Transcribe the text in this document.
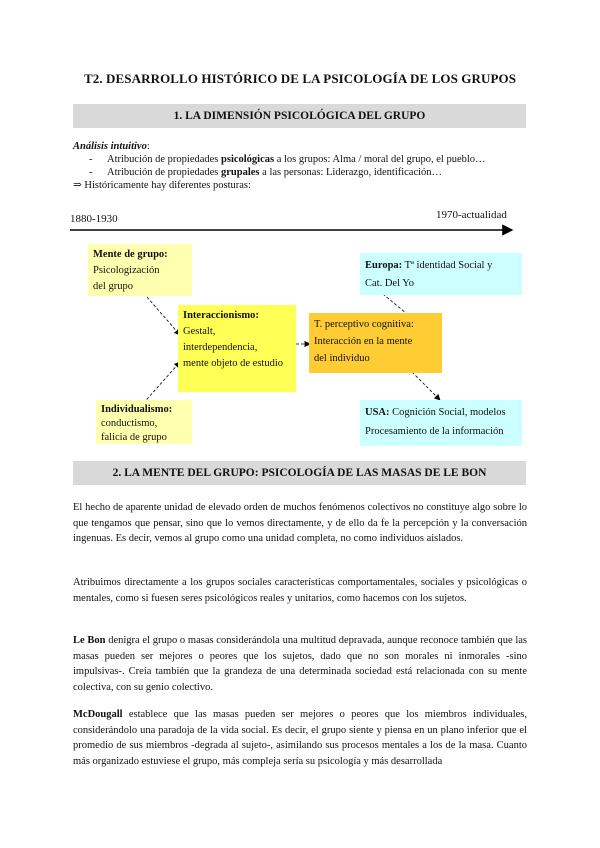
T2. DESARROLLO HISTÓRICO DE LA PSICOLOGÍA DE LOS GRUPOS
1. LA DIMENSIÓN PSICOLÓGICA DEL GRUPO
Análisis intuitivo:
-	Atribución de propiedades psicológicas a los grupos: Alma / moral del grupo, el pueblo…
-	Atribución de propiedades grupales a las personas: Liderazgo, identificación…
⇒ Históricamente hay diferentes posturas:
1880-1930	1970-actualidad
Mente de grupo:
Psicologización
del grupo
Interaccionismo:
Gestalt,
interdependencia,
mente objeto de estudio
Individualismo:
conductismo,
falicia de grupo
T. perceptivo cognitiva:
Interacción en la mente
del individuo
Europa: Tª identidad Social y
Cat. Del Yo
USA: Cognición Social, modelos
Procesamiento de la información
2. LA MENTE DEL GRUPO: PSICOLOGÍA DE LAS MASAS DE LE BON
El hecho de aparente unidad de elevado orden de muchos fenómenos colectivos no constituye algo sobre lo que tengamos que pensar, sino que lo vemos directamente, y de ello da fe la percepción y la conversación ingenuas. Es decir, vemos al grupo como una unidad completa, no como individuos aislados.
Atribuimos directamente a los grupos sociales características comportamentales, sociales y psicológicas o mentales, como si fuesen seres psicológicos reales y unitarios, como hacemos con los sujetos.
Le Bon denigra el grupo o masas considerándola una multitud depravada, aunque reconoce también que las masas pueden ser mejores o peores que los sujetos, dado que no son morales ni inmorales -sino impulsivas-. Creía también que la grandeza de una determinada sociedad está relacionada con su mente colectiva, con su genio colectivo.
McDougall establece que las masas pueden ser mejores o peores que los miembros individuales, considerándolo una paradoja de la vida social. Es decir, el grupo siente y piensa en un plano inferior que el promedio de sus miembros -degrada al sujeto-, asimilando sus procesos mentales a los de la masa. Cuanto más organizado estuviese el grupo, más compleja sería su psicología y más desarrollada
